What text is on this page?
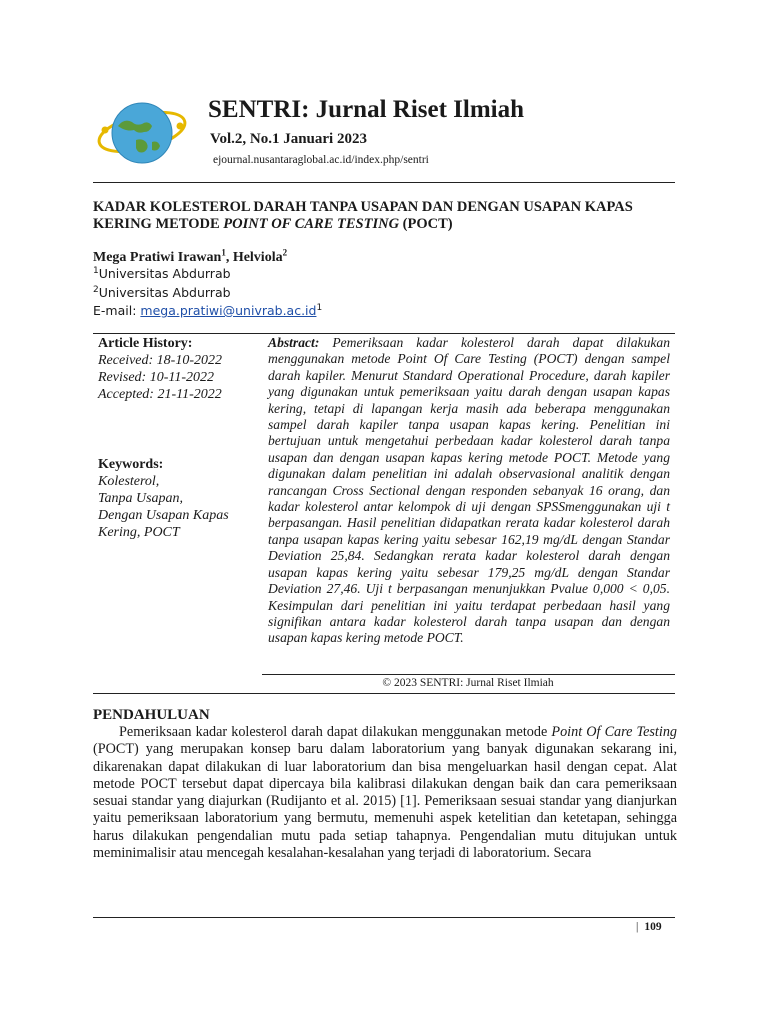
SENTRI: Jurnal Riset Ilmiah
Vol.2, No.1 Januari 2023
ejournal.nusantaraglobal.ac.id/index.php/sentri
KADAR KOLESTEROL DARAH TANPA USAPAN DAN DENGAN USAPAN KAPAS KERING METODE POINT OF CARE TESTING (POCT)
Mega Pratiwi Irawan$^1$, Helviola$^2$
$^1$Universitas Abdurrab
$^2$Universitas Abdurrab
E-mail: $mega.pratiwi@univrab.ac.id^1$
Article History:
Received: 18-10-2022
Revised: 10-11-2022
Accepted: 21-11-2022
Keywords:
Kolesterol,
Tanpa Usapan,
Dengan Usapan Kapas
Kering, POCT
Abstract: Pemeriksaan kadar kolesterol darah dapat dilakukan menggunakan metode Point Of Care Testing (POCT) dengan sampel darah kapiler. Menurut Standard Operational Procedure, darah kapiler yang digunakan untuk pemeriksaan yaitu darah dengan usapan kapas kering, tetapi di lapangan kerja masih ada beberapa menggunakan sampel darah kapiler tanpa usapan kapas kering. Penelitian ini bertujuan untuk mengetahui perbedaan kadar kolesterol darah tanpa usapan dan dengan usapan kapas kering metode POCT. Metode yang digunakan dalam penelitian ini adalah observasional analitik dengan rancangan Cross Sectional dengan responden sebanyak 16 orang, dan kadar kolesterol antar kelompok di uji dengan SPSSmenggunakan uji t berpasangan. Hasil penelitian didapatkan rerata kadar kolesterol darah tanpa usapan kapas kering yaitu sebesar 162,19 mg/dL dengan Standar Deviation 25,84. Sedangkan rerata kadar kolesterol darah dengan usapan kapas kering yaitu sebesar 179,25 mg/dL dengan Standar Deviation 27,46. Uji t berpasangan menunjukkan Pvalue 0,000 < 0,05. Kesimpulan dari penelitian ini yaitu terdapat perbedaan hasil yang signifikan antara kadar kolesterol darah tanpa usapan dan dengan usapan kapas kering metode POCT.
© 2023 SENTRI: Jurnal Riset Ilmiah
PENDAHULUAN
Pemeriksaan kadar kolesterol darah dapat dilakukan menggunakan metode Point Of Care Testing (POCT) yang merupakan konsep baru dalam laboratorium yang banyak digunakan sekarang ini, dikarenakan dapat dilakukan di luar laboratorium dan bisa mengeluarkan hasil dengan cepat. Alat metode POCT tersebut dapat dipercaya bila kalibrasi dilakukan dengan baik dan cara pemeriksaan sesuai standar yang diajurkan (Rudijanto et al. 2015) [1]. Pemeriksaan sesuai standar yang dianjurkan yaitu pemeriksaan laboratorium yang bermutu, memenuhi aspek ketelitian dan ketetapan, sehingga harus dilakukan pengendalian mutu pada setiap tahapnya. Pengendalian mutu ditujukan untuk meminimalisir atau mencegah kesalahan-kesalahan yang terjadi di laboratorium. Secara
| 109
